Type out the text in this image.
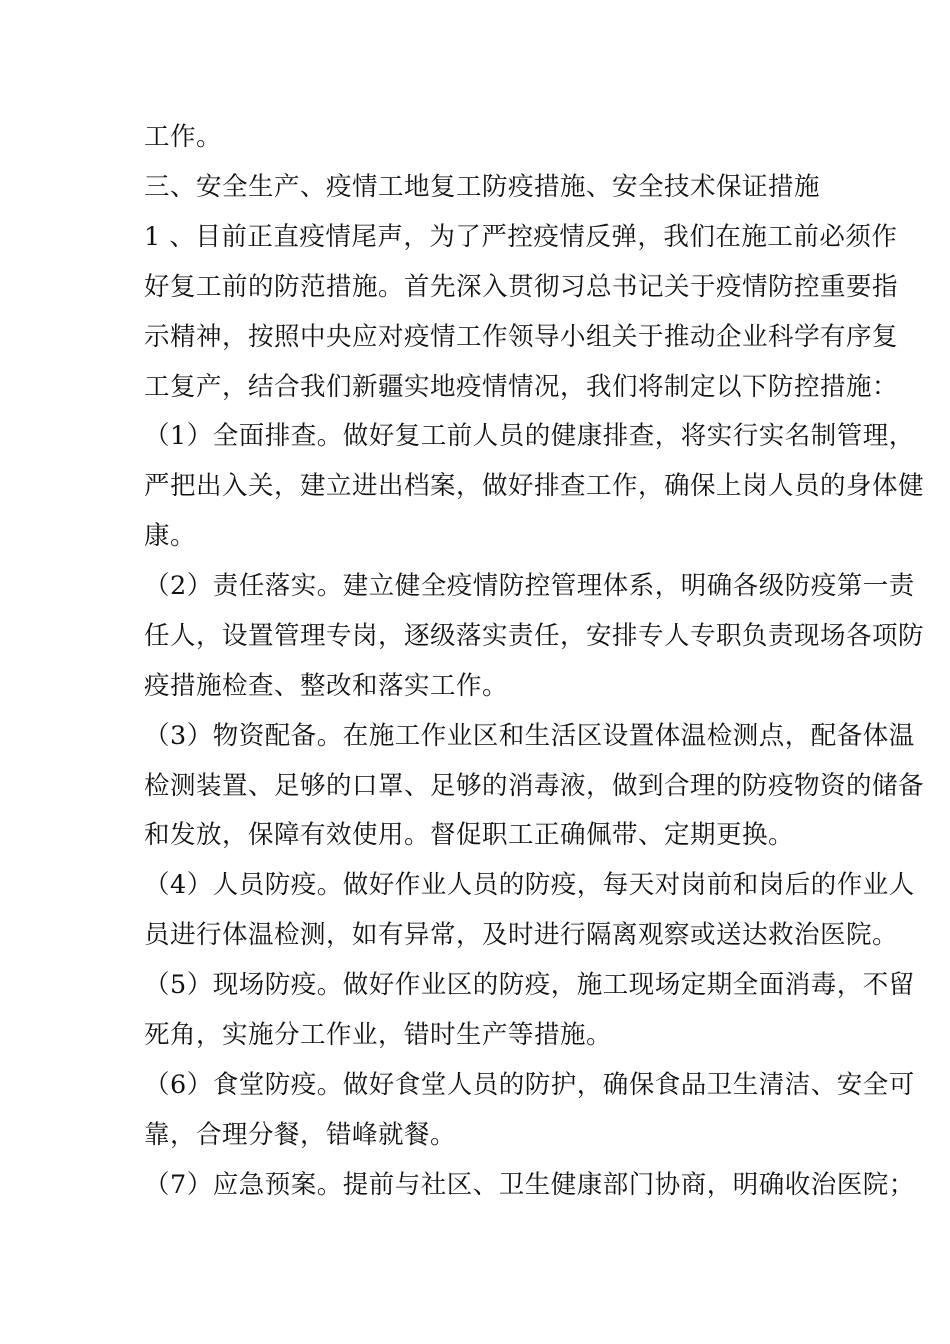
工作。
三、安全生产、疫情工地复工防疫措施、安全技术保证措施
1 、目前正直疫情尾声，为了严控疫情反弹，我们在施工前必须作
好复工前的防范措施。首先深入贯彻习总书记关于疫情防控重要指
示精神，按照中央应对疫情工作领导小组关于推动企业科学有序复
工复产，结合我们新疆实地疫情情况，我们将制定以下防控措施：
（1）全面排查。做好复工前人员的健康排查，将实行实名制管理，
严把出入关，建立进出档案，做好排查工作，确保上岗人员的身体健
康。
（2）责任落实。建立健全疫情防控管理体系，明确各级防疫第一责
任人，设置管理专岗，逐级落实责任，安排专人专职负责现场各项防
疫措施检查、整改和落实工作。
（3）物资配备。在施工作业区和生活区设置体温检测点，配备体温
检测装置、足够的口罩、足够的消毒液，做到合理的防疫物资的储备
和发放，保障有效使用。督促职工正确佩带、定期更换。
（4）人员防疫。做好作业人员的防疫，每天对岗前和岗后的作业人
员进行体温检测，如有异常，及时进行隔离观察或送达救治医院。
（5）现场防疫。做好作业区的防疫，施工现场定期全面消毒，不留
死角，实施分工作业，错时生产等措施。
（6）食堂防疫。做好食堂人员的防护，确保食品卫生清洁、安全可
靠，合理分餐，错峰就餐。
（7）应急预案。提前与社区、卫生健康部门协商，明确收治医院；
